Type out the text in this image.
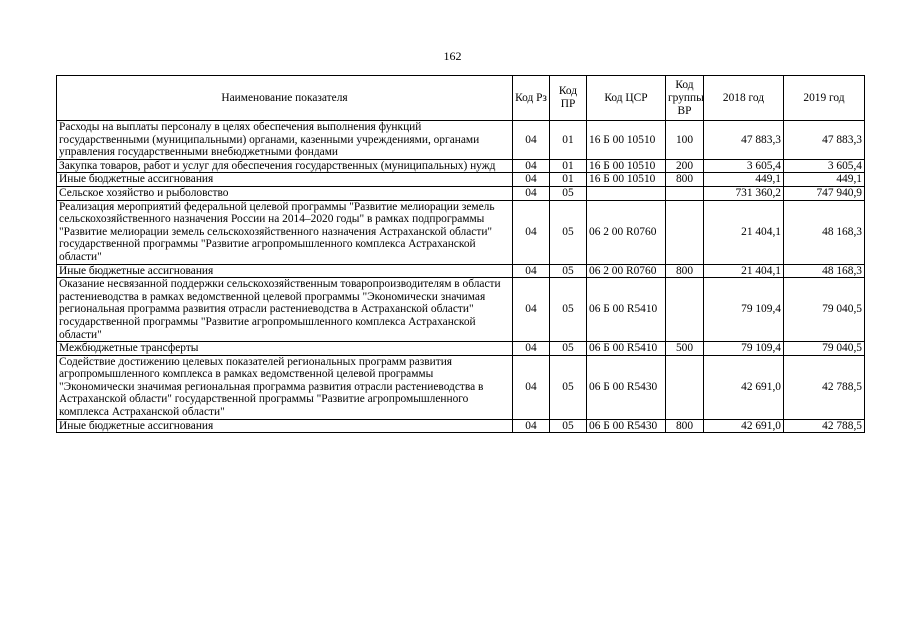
162
Наименование показателя	Код Рз	Код ПР	Код ЦСР	Код группы ВР	2018 год	2019 год
Расходы на выплаты персоналу в целях обеспечения выполнения функций государственными (муниципальными) органами, казенными учреждениями, органами управления государственными внебюджетными фондами	04	01	16 Б 00 10510	100	47 883,3	47 883,3
Закупка товаров, работ и услуг для обеспечения государственных (муниципальных) нужд	04	01	16 Б 00 10510	200	3 605,4	3 605,4
Иные бюджетные ассигнования	04	01	16 Б 00 10510	800	449,1	449,1
Сельское хозяйство и рыболовство	04	05			731 360,2	747 940,9
Реализация мероприятий федеральной целевой программы "Развитие мелиорации земель сельскохозяйственного назначения России на 2014–2020 годы" в рамках подпрограммы "Развитие мелиорации земель сельскохозяйственного назначения Астраханской области" государственной программы "Развитие агропромышленного комплекса Астраханской области"	04	05	06 2 00 R0760		21 404,1	48 168,3
Иные бюджетные ассигнования	04	05	06 2 00 R0760	800	21 404,1	48 168,3
Оказание несвязанной поддержки сельскохозяйственным товаропроизводителям в области растениеводства в рамках ведомственной целевой программы "Экономически значимая региональная программа развития отрасли растениеводства в Астраханской области" государственной программы "Развитие агропромышленного комплекса Астраханской области"	04	05	06 Б 00 R5410		79 109,4	79 040,5
Межбюджетные трансферты	04	05	06 Б 00 R5410	500	79 109,4	79 040,5
Содействие достижению целевых показателей региональных программ развития агропромышленного комплекса в рамках ведомственной целевой программы "Экономически значимая региональная программа развития отрасли растениеводства в Астраханской области" государственной программы "Развитие агропромышленного комплекса Астраханской области"	04	05	06 Б 00 R5430		42 691,0	42 788,5
Иные бюджетные ассигнования	04	05	06 Б 00 R5430	800	42 691,0	42 788,5
